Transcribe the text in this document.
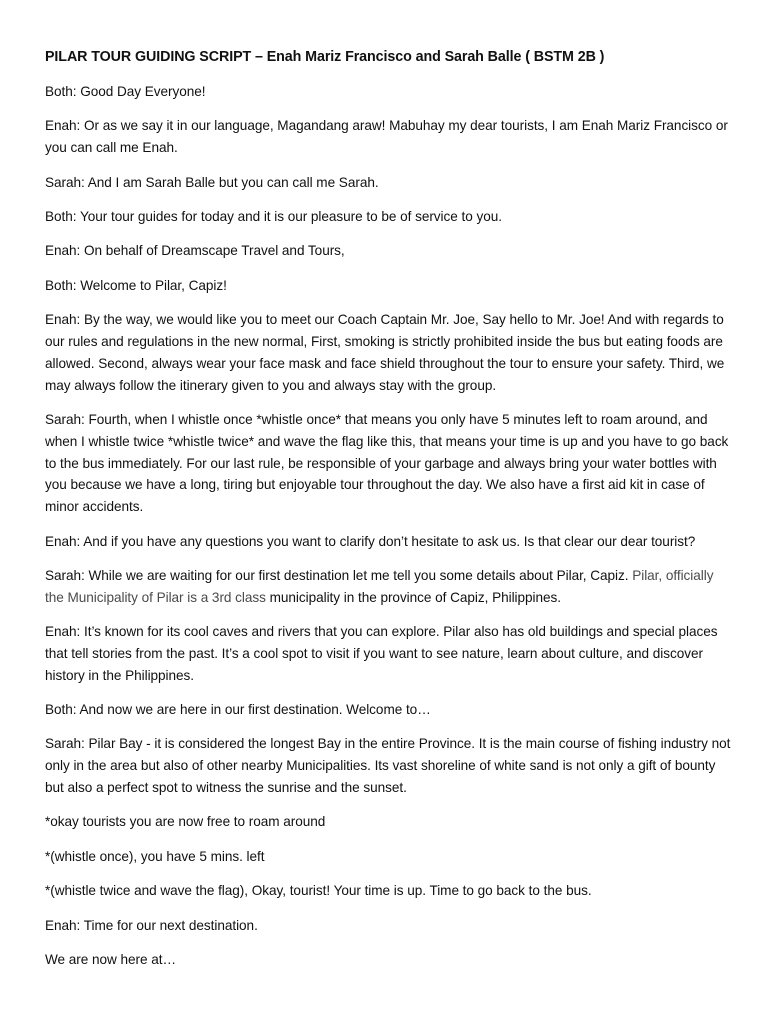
PILAR TOUR GUIDING SCRIPT – Enah Mariz Francisco and Sarah Balle ( BSTM 2B )

Both: Good Day Everyone!

Enah: Or as we say it in our language, Magandang araw! Mabuhay my dear tourists, I am Enah Mariz Francisco or you can call me Enah.

Sarah: And I am Sarah Balle but you can call me Sarah.

Both: Your tour guides for today and it is our pleasure to be of service to you.

Enah: On behalf of Dreamscape Travel and Tours,

Both: Welcome to Pilar, Capiz!

Enah: By the way, we would like you to meet our Coach Captain Mr. Joe, Say hello to Mr. Joe! And with regards to our rules and regulations in the new normal, First, smoking is strictly prohibited inside the bus but eating foods are allowed. Second, always wear your face mask and face shield throughout the tour to ensure your safety. Third, we may always follow the itinerary given to you and always stay with the group.

Sarah: Fourth, when I whistle once *whistle once* that means you only have 5 minutes left to roam around, and when I whistle twice *whistle twice* and wave the flag like this, that means your time is up and you have to go back to the bus immediately. For our last rule, be responsible of your garbage and always bring your water bottles with you because we have a long, tiring but enjoyable tour throughout the day. We also have a first aid kit in case of minor accidents.

Enah: And if you have any questions you want to clarify don’t hesitate to ask us. Is that clear our dear tourist?

Sarah: While we are waiting for our first destination let me tell you some details about Pilar, Capiz. Pilar, officially the Municipality of Pilar is a 3rd class municipality in the province of Capiz, Philippines.

Enah: It’s known for its cool caves and rivers that you can explore. Pilar also has old buildings and special places that tell stories from the past. It’s a cool spot to visit if you want to see nature, learn about culture, and discover history in the Philippines.

Both: And now we are here in our first destination. Welcome to…

Sarah: Pilar Bay - it is considered the longest Bay in the entire Province. It is the main course of fishing industry not only in the area but also of other nearby Municipalities. Its vast shoreline of white sand is not only a gift of bounty but also a perfect spot to witness the sunrise and the sunset.

*okay tourists you are now free to roam around

*(whistle once), you have 5 mins. left

*(whistle twice and wave the flag), Okay, tourist! Your time is up. Time to go back to the bus.

Enah: Time for our next destination.

We are now here at…
